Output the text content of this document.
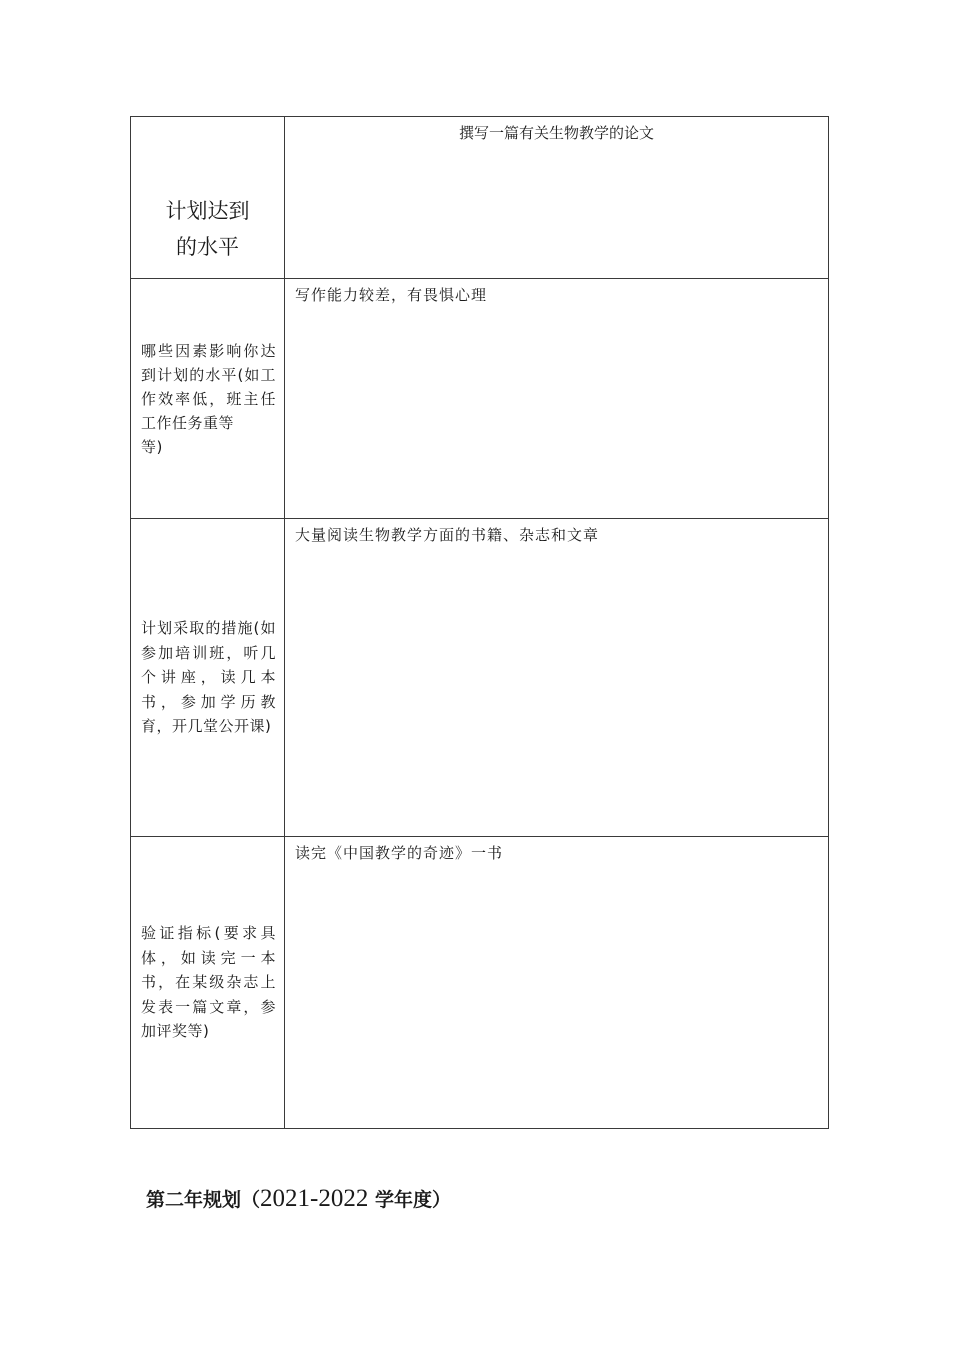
计划达到
的水平	撰写一篇有关生物教学的论文

哪些因素影响你达到计划的水平(如工作效率低，班主任工作任务重等
等)	写作能力较差，有畏惧心理

计划采取的措施(如参加培训班，听几个讲座，读几本书，参加学历教育，开几堂公开课)	大量阅读生物教学方面的书籍、杂志和文章

验证指标(要求具体，如读完一本书，在某级杂志上发表一篇文章，参加评奖等)	读完《中国教学的奇迹》一书
第二年规划（2021-2022 学年度）
